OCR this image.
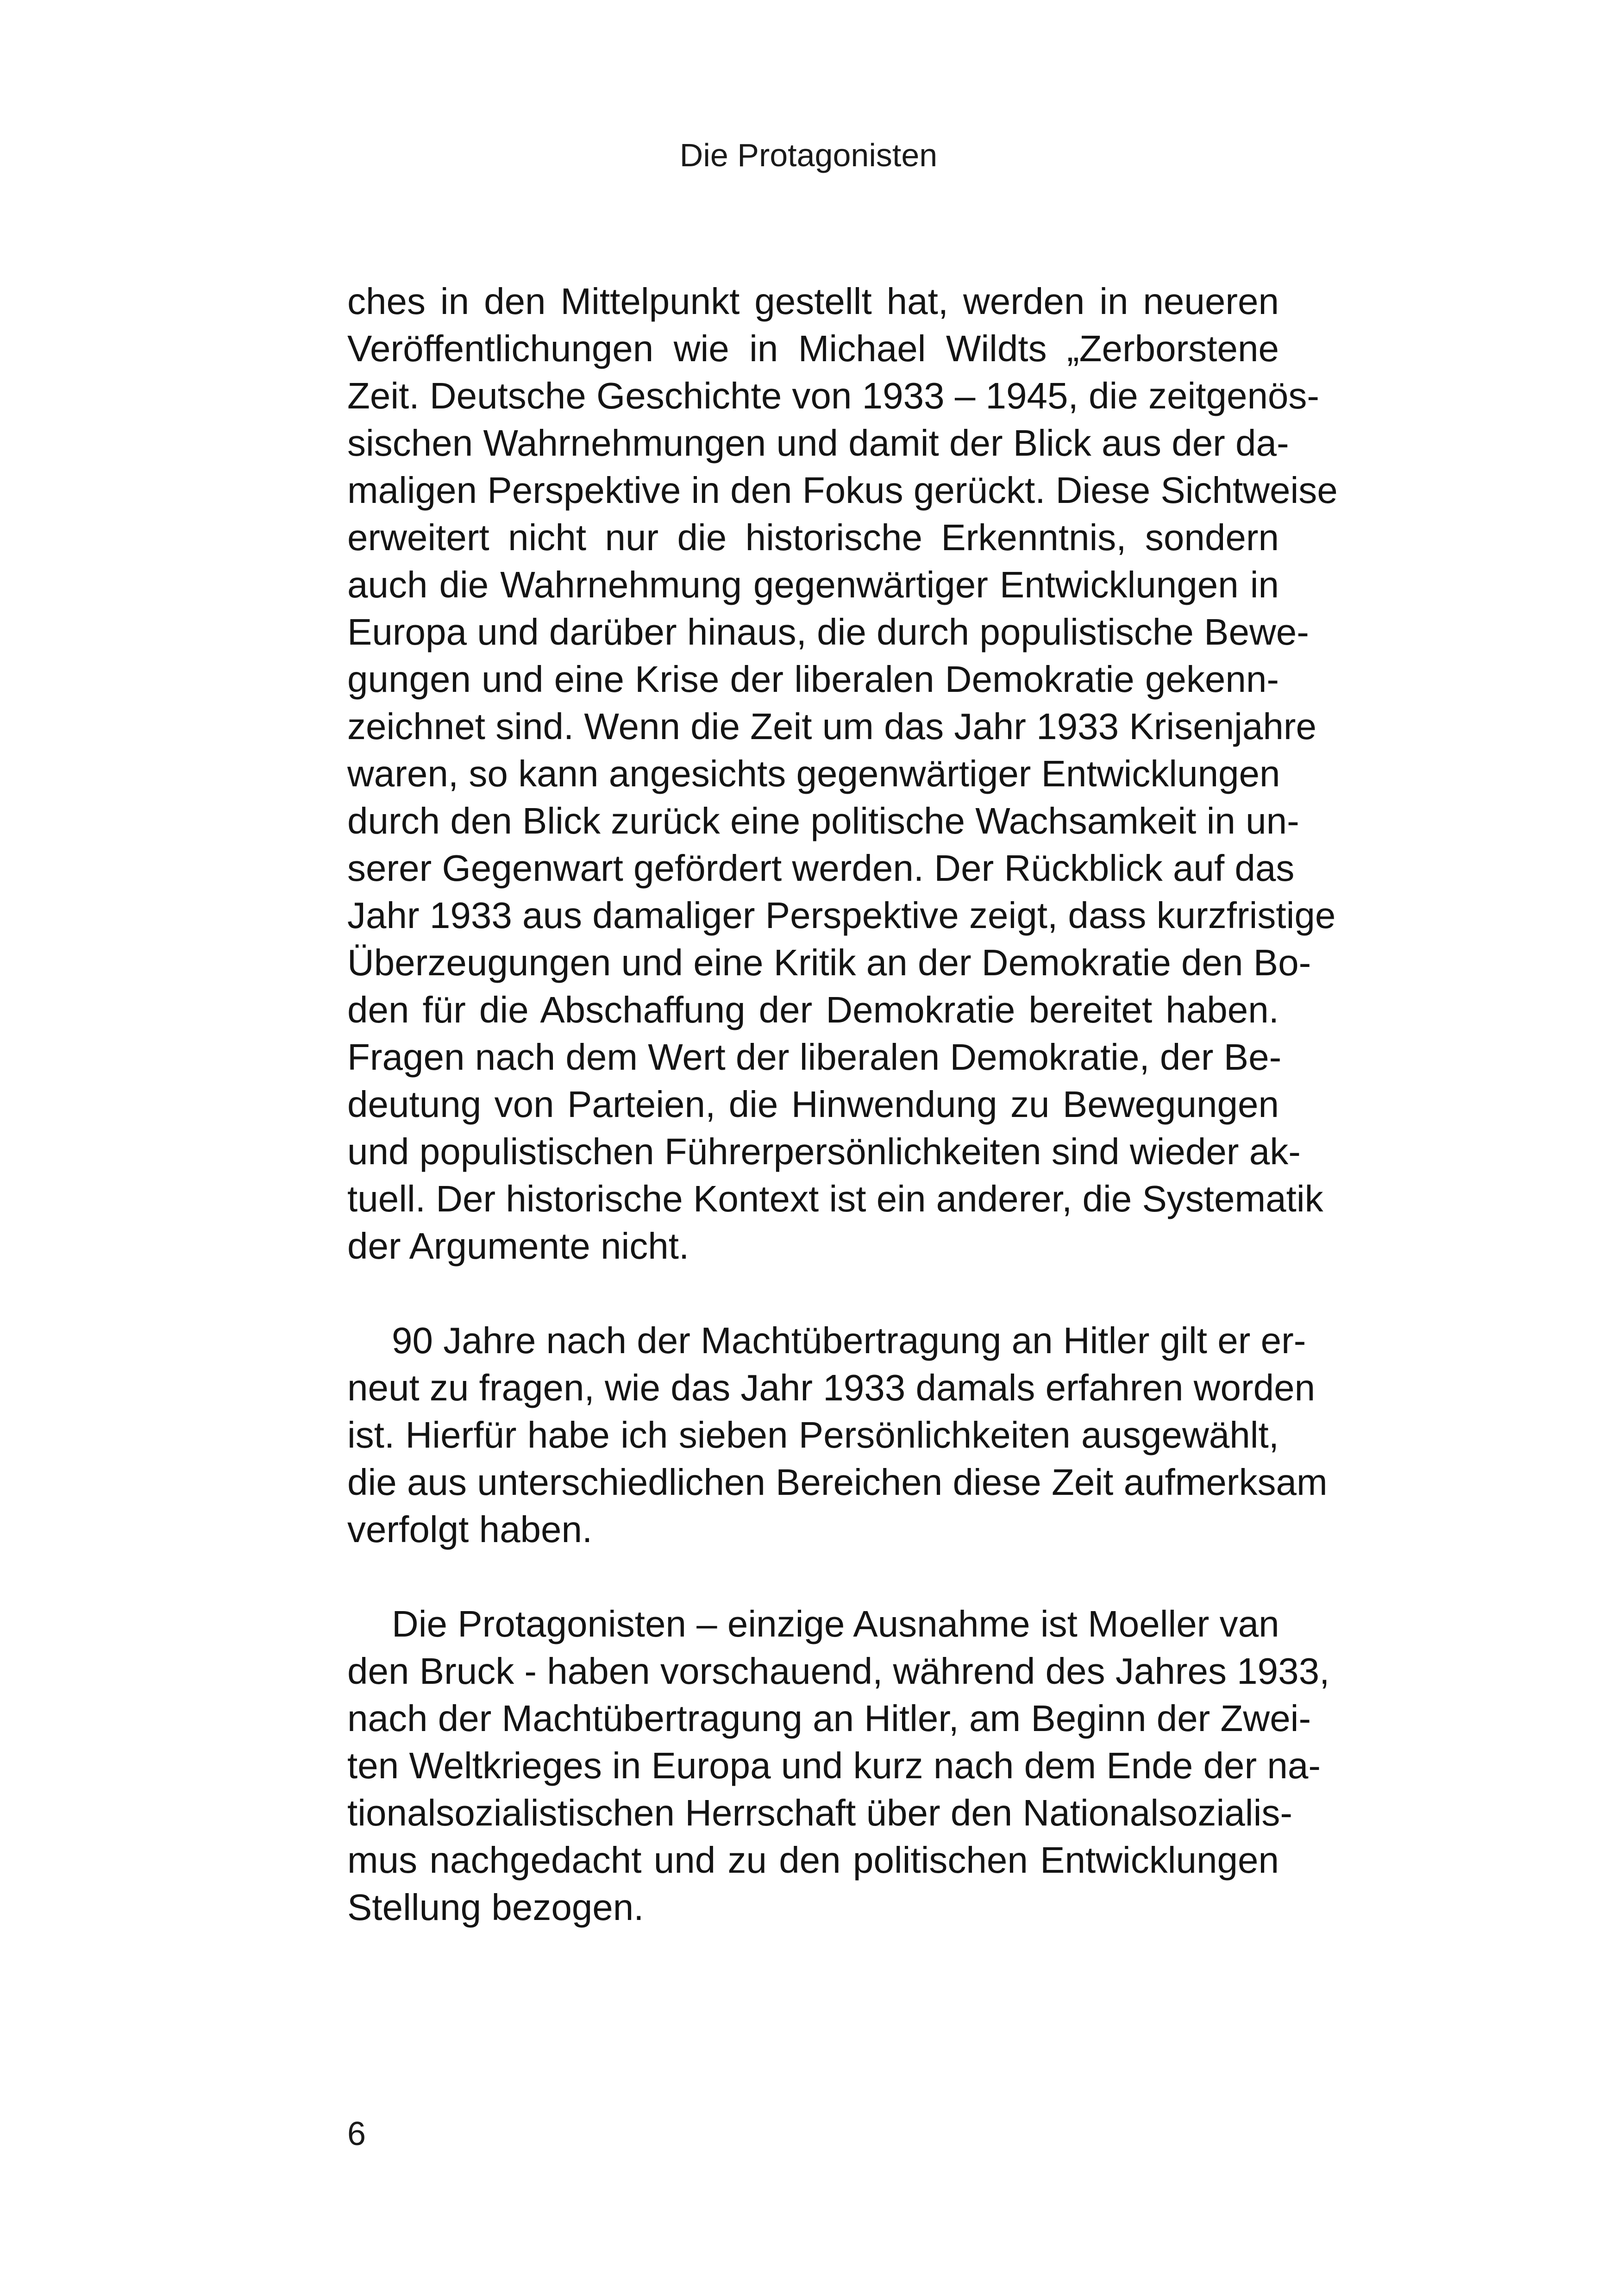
Die Protagonisten
ches in den Mittelpunkt gestellt hat, werden in neueren
Veröffentlichungen wie in Michael Wildts „Zerborstene
Zeit. Deutsche Geschichte von 1933 – 1945, die zeitgenös-
sischen Wahrnehmungen und damit der Blick aus der da-
maligen Perspektive in den Fokus gerückt. Diese Sichtweise
erweitert nicht nur die historische Erkenntnis, sondern
auch die Wahrnehmung gegenwärtiger Entwicklungen in
Europa und darüber hinaus, die durch populistische Bewe-
gungen und eine Krise der liberalen Demokratie gekenn-
zeichnet sind. Wenn die Zeit um das Jahr 1933 Krisenjahre
waren, so kann angesichts gegenwärtiger Entwicklungen
durch den Blick zurück eine politische Wachsamkeit in un-
serer Gegenwart gefördert werden. Der Rückblick auf das
Jahr 1933 aus damaliger Perspektive zeigt, dass kurzfristige
Überzeugungen und eine Kritik an der Demokratie den Bo-
den für die Abschaffung der Demokratie bereitet haben.
Fragen nach dem Wert der liberalen Demokratie, der Be-
deutung von Parteien, die Hinwendung zu Bewegungen
und populistischen Führerpersönlichkeiten sind wieder ak-
tuell. Der historische Kontext ist ein anderer, die Systematik
der Argumente nicht.
90 Jahre nach der Machtübertragung an Hitler gilt er er-
neut zu fragen, wie das Jahr 1933 damals erfahren worden
ist. Hierfür habe ich sieben Persönlichkeiten ausgewählt,
die aus unterschiedlichen Bereichen diese Zeit aufmerksam
verfolgt haben.
Die Protagonisten – einzige Ausnahme ist Moeller van
den Bruck - haben vorschauend, während des Jahres 1933,
nach der Machtübertragung an Hitler, am Beginn der Zwei-
ten Weltkrieges in Europa und kurz nach dem Ende der na-
tionalsozialistischen Herrschaft über den Nationalsozialis-
mus nachgedacht und zu den politischen Entwicklungen
Stellung bezogen.
6
